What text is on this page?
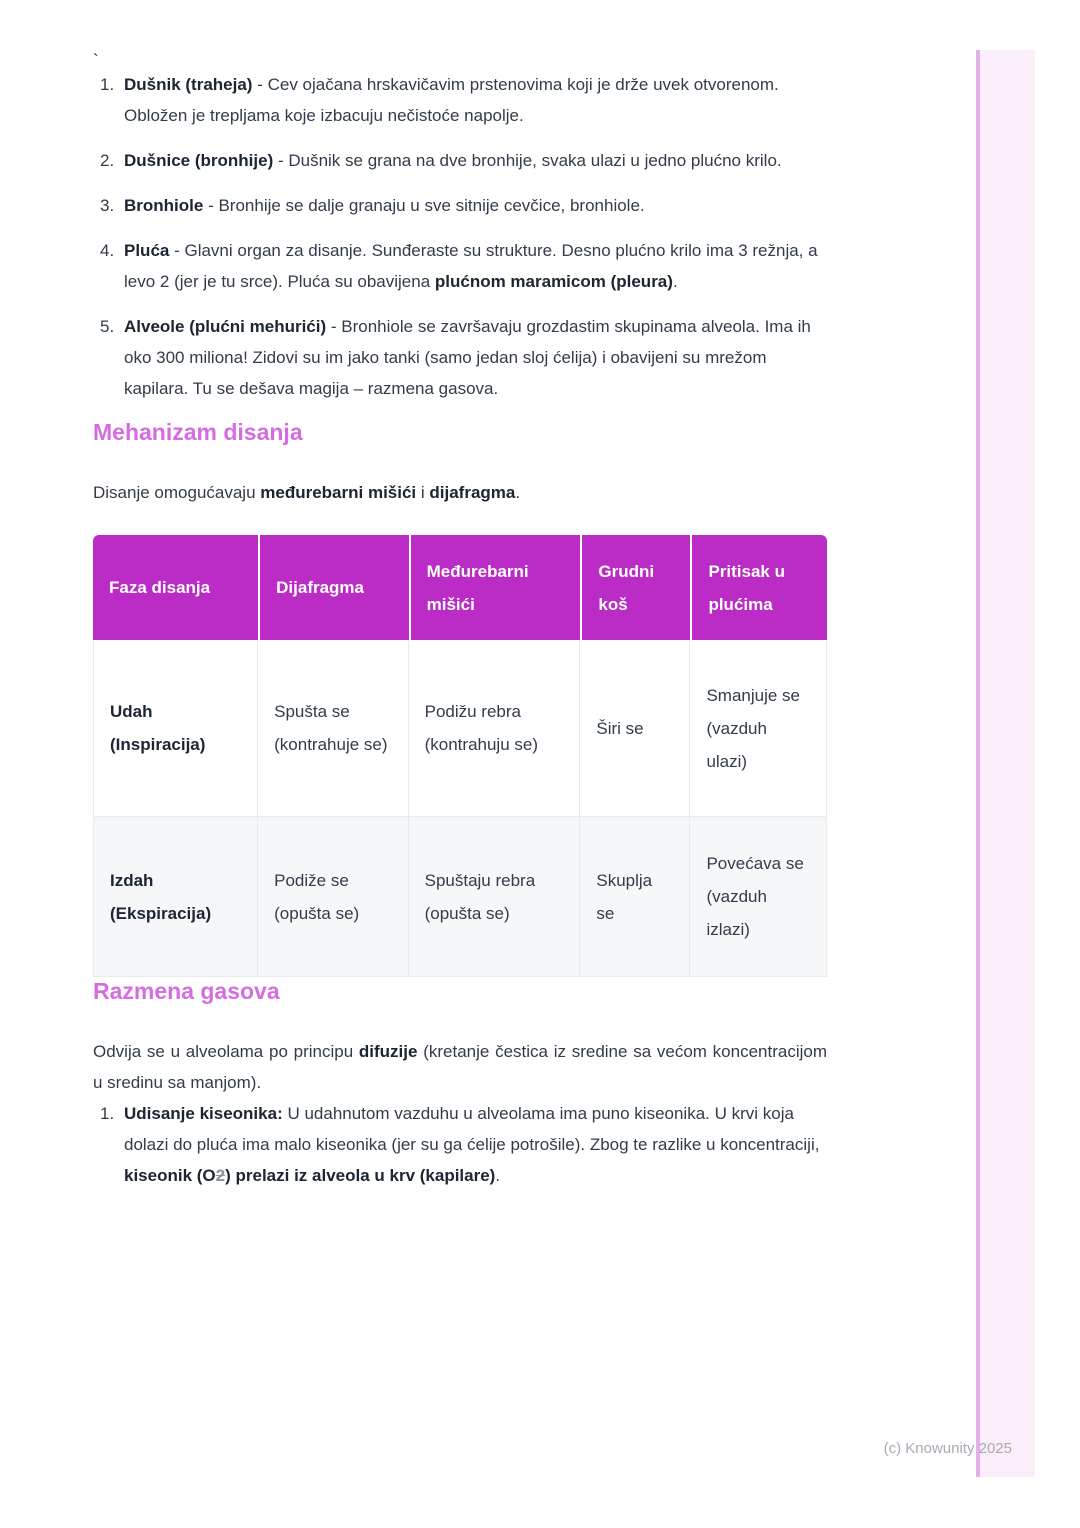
(c) Knowunity 2025
`
Dušnik (traheja) - Cev ojačana hrskavičavim prstenovima koji je drže uvek otvorenom. Obložen je trepljama koje izbacuju nečistoće napolje.
Dušnice (bronhije) - Dušnik se grana na dve bronhije, svaka ulazi u jedno plućno krilo.
Bronhiole - Bronhije se dalje granaju u sve sitnije cevčice, bronhiole.
Pluća - Glavni organ za disanje. Sunđeraste su strukture. Desno plućno krilo ima 3 režnja, a levo 2 (jer je tu srce). Pluća su obavijena plućnom maramicom (pleura).
Alveole (plućni mehurići) - Bronhiole se završavaju grozdastim skupinama alveola. Ima ih oko 300 miliona! Zidovi su im jako tanki (samo jedan sloj ćelija) i obavijeni su mrežom kapilara. Tu se dešava magija – razmena gasova.
Mehanizam disanja

Disanje omogućavaju međurebarni mišići i dijafragma.

Faza disanja	Dijafragma	Međurebarni mišići	Grudni koš	Pritisak u plućima
Udah (Inspiracija)	Spušta se (kontrahuje se)	Podižu rebra (kontrahuju se)	Širi se	Smanjuje se (vazduh ulazi)
Izdah (Ekspiracija)	Podiže se (opušta se)	Spuštaju rebra (opušta se)	Skuplja se	Povećava se (vazduh izlazi)
Razmena gasova

Odvija se u alveolama po principu difuzije (kretanje čestica iz sredine sa većom koncentracijom u sredinu sa manjom).

Udisanje kiseonika: U udahnutom vazduhu u alveolama ima puno kiseonika. U krvi koja dolazi do pluća ima malo kiseonika (jer su ga ćelije potrošile). Zbog te razlike u koncentraciji, kiseonik (O2) prelazi iz alveola u krv (kapilare).
